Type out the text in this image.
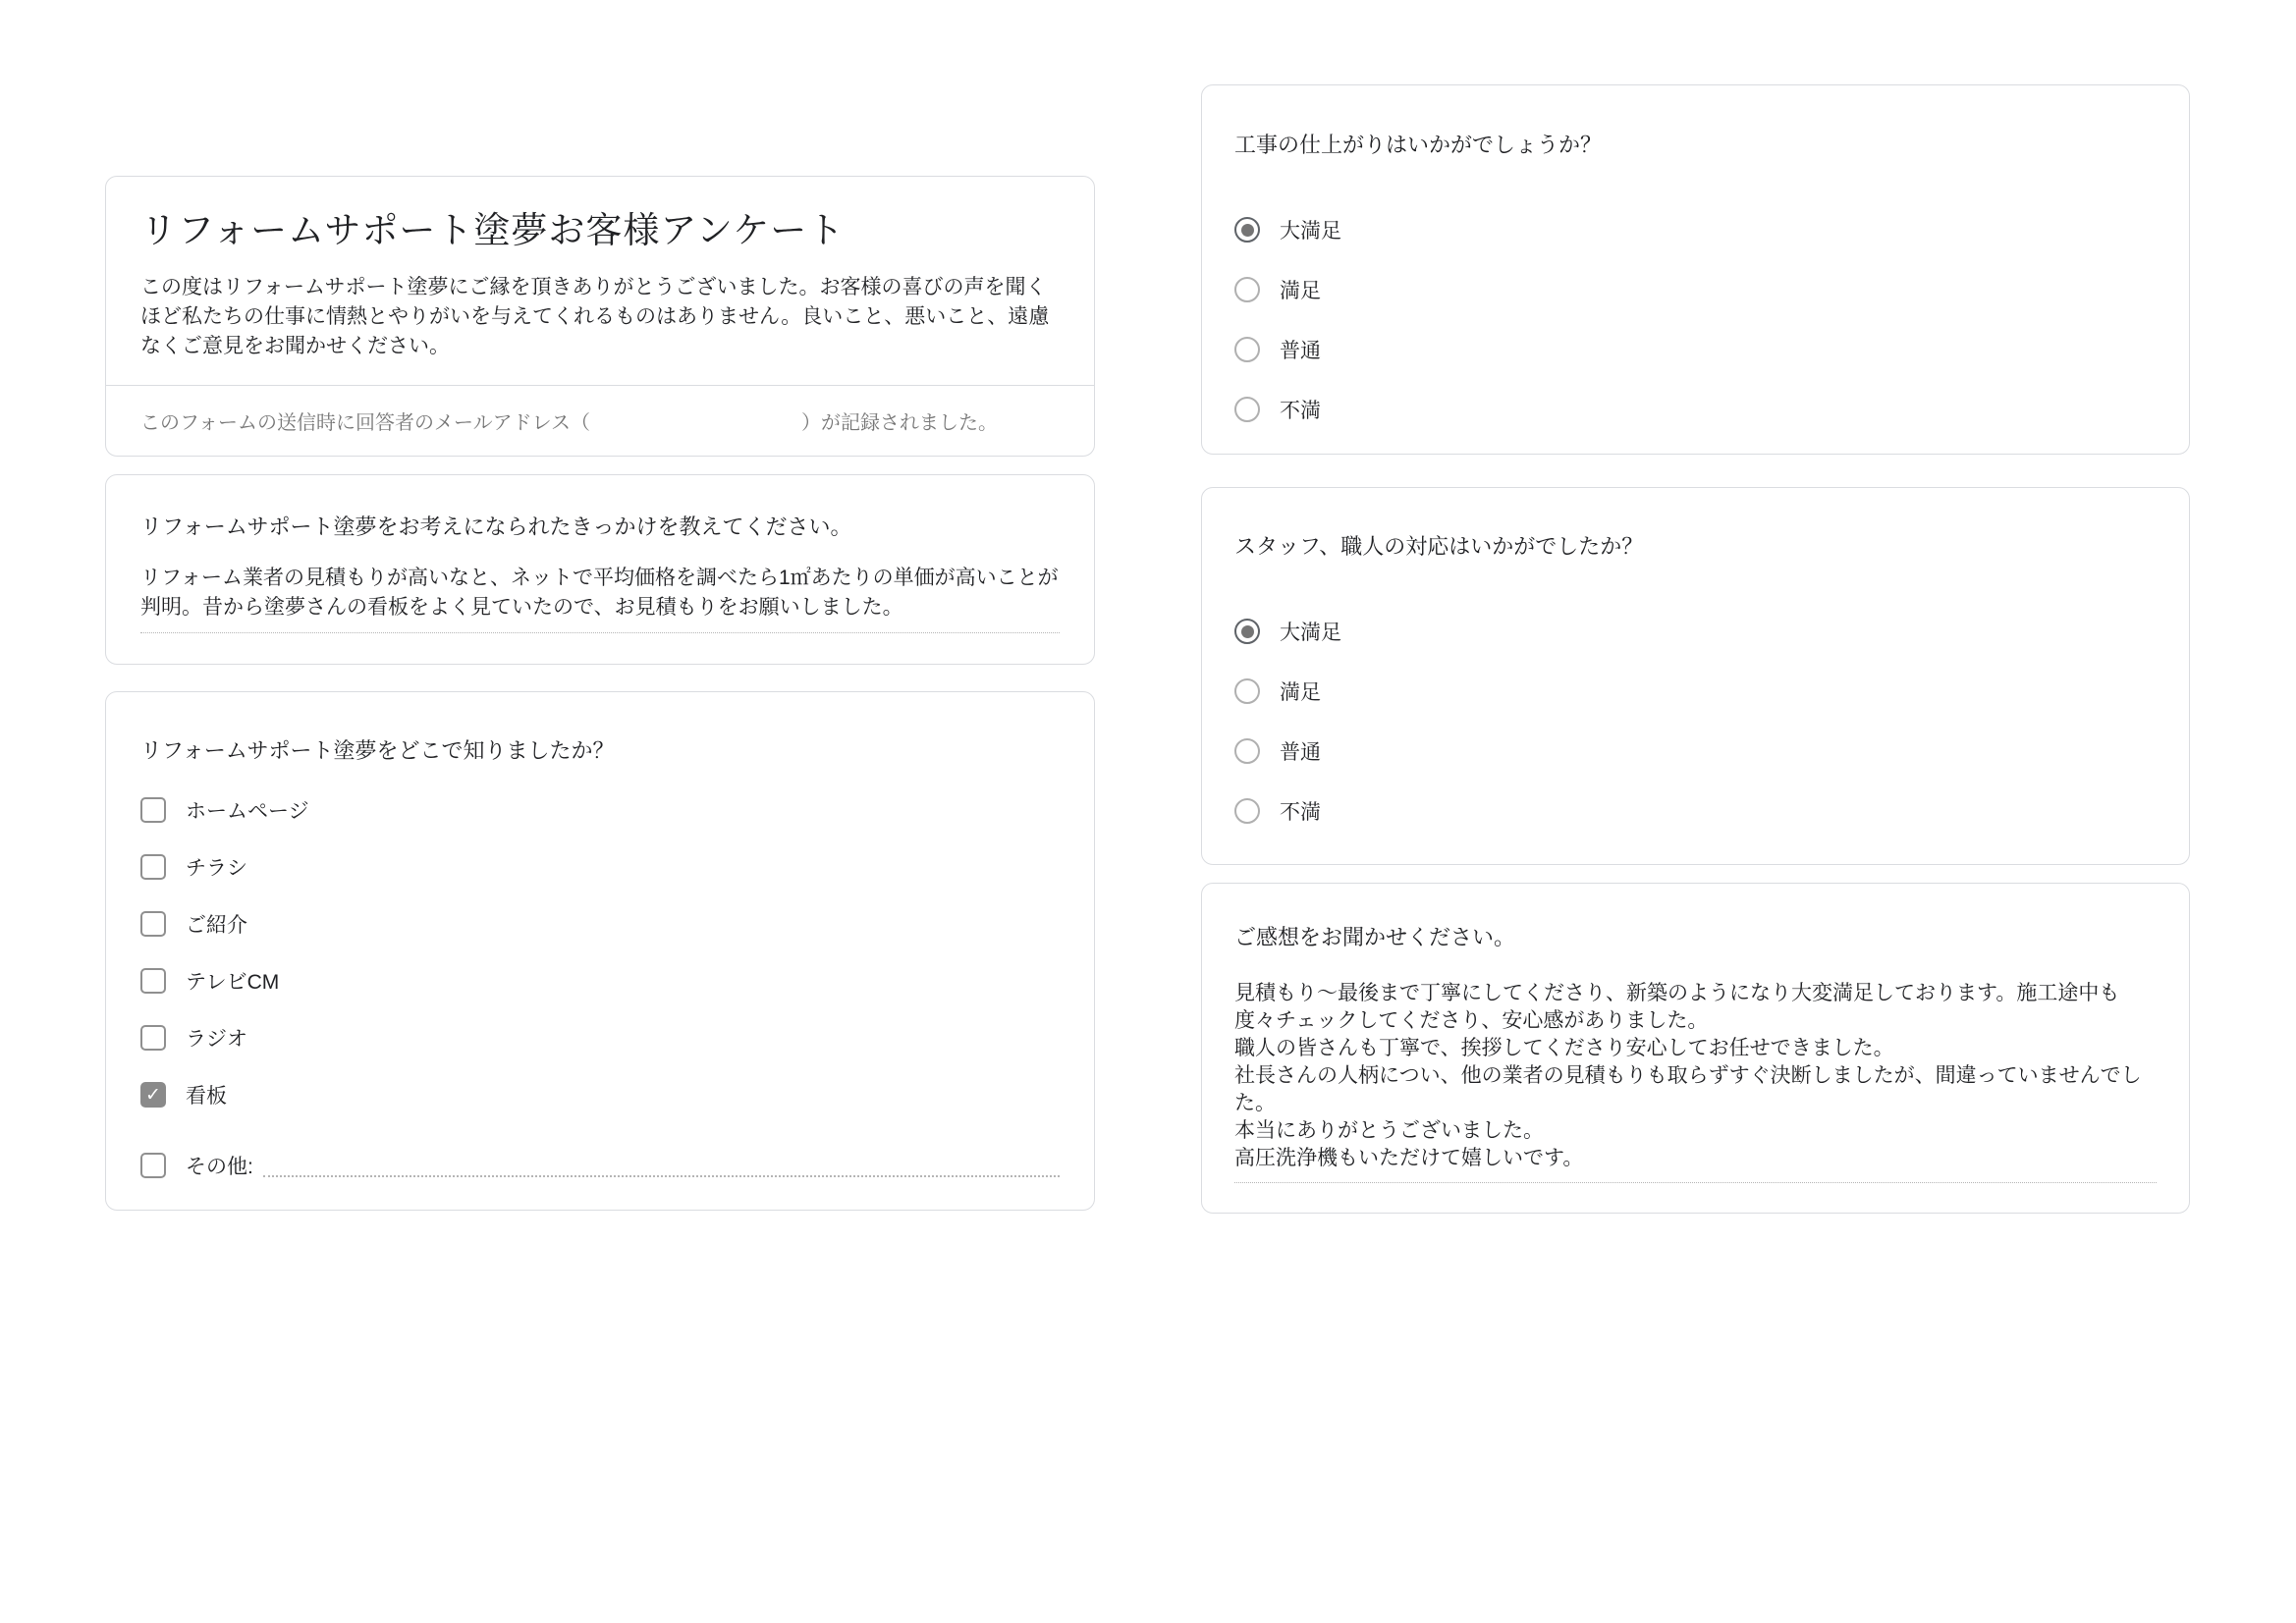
リフォームサポート塗夢お客様アンケート
この度はリフォームサポート塗夢にご縁を頂きありがとうございました。お客様の喜びの声を聞くほど私たちの仕事に情熱とやりがいを与えてくれるものはありません。良いこと、悪いこと、遠慮なくご意見をお聞かせください。
このフォームの送信時に回答者のメールアドレス（	）が記録されました。
リフォームサポート塗夢をお考えになられたきっかけを教えてください。
リフォーム業者の見積もりが高いなと、ネットで平均価格を調べたら1㎡あたりの単価が高いことが判明。昔から塗夢さんの看板をよく見ていたので、お見積もりをお願いしました。
リフォームサポート塗夢をどこで知りましたか？
ホームページ
チラシ
ご紹介
テレビCM
ラジオ
✓ 看板
その他:
工事の仕上がりはいかがでしょうか？
大満足
満足
普通
不満
スタッフ、職人の対応はいかがでしたか？
大満足
満足
普通
不満
ご感想をお聞かせください。
見積もり～最後まで丁寧にしてくださり、新築のようになり大変満足しております。施工途中も度々チェックしてくださり、安心感がありました。
職人の皆さんも丁寧で、挨拶してくださり安心してお任せできました。
社長さんの人柄につい、他の業者の見積もりも取らずすぐ決断しましたが、間違っていませんでした。
本当にありがとうございました。
高圧洗浄機もいただけて嬉しいです。
